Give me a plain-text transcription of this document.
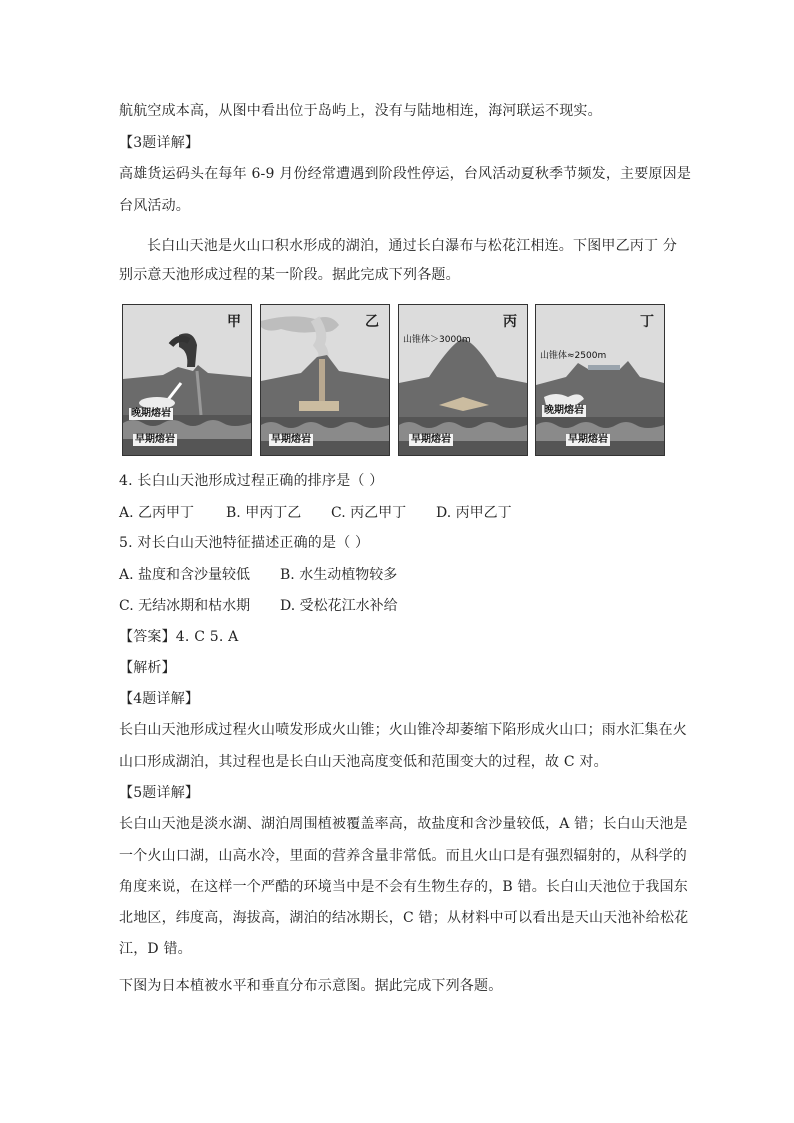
航航空成本高，从图中看出位于岛屿上，没有与陆地相连，海河联运不现实。
【3题详解】
高雄货运码头在每年 6-9 月份经常遭遇到阶段性停运，台风活动夏秋季节频发，主要原因是
台风活动。
长白山天池是火山口积水形成的湖泊，通过长白瀑布与松花江相连。下图甲乙丙丁 分
别示意天池形成过程的某一阶段。据此完成下列各题。
甲
晚期熔岩
早期熔岩
乙
早期熔岩
丙
山锥体＞3000m
早期熔岩
丁
山锥体≈2500m
晚期熔岩
早期熔岩
4. 长白山天池形成过程正确的排序是（ ）
A. 乙丙甲丁 B. 甲丙丁乙 C. 丙乙甲丁 D. 丙甲乙丁
5. 对长白山天池特征描述正确的是（ ）
A. 盐度和含沙量较低 B. 水生动植物较多
C. 无结冰期和枯水期 D. 受松花江水补给
【答案】4. C 5. A
【解析】
【4题详解】
长白山天池形成过程火山喷发形成火山锥；火山锥冷却萎缩下陷形成火山口；雨水汇集在火
山口形成湖泊，其过程也是长白山天池高度变低和范围变大的过程，故 C 对。
【5题详解】
长白山天池是淡水湖、湖泊周围植被覆盖率高，故盐度和含沙量较低，A 错；长白山天池是
一个火山口湖，山高水冷，里面的营养含量非常低。而且火山口是有强烈辐射的，从科学的
角度来说，在这样一个严酷的环境当中是不会有生物生存的，B 错。长白山天池位于我国东
北地区，纬度高，海拔高，湖泊的结冰期长，C 错；从材料中可以看出是天山天池补给松花
江，D 错。
下图为日本植被水平和垂直分布示意图。据此完成下列各题。
